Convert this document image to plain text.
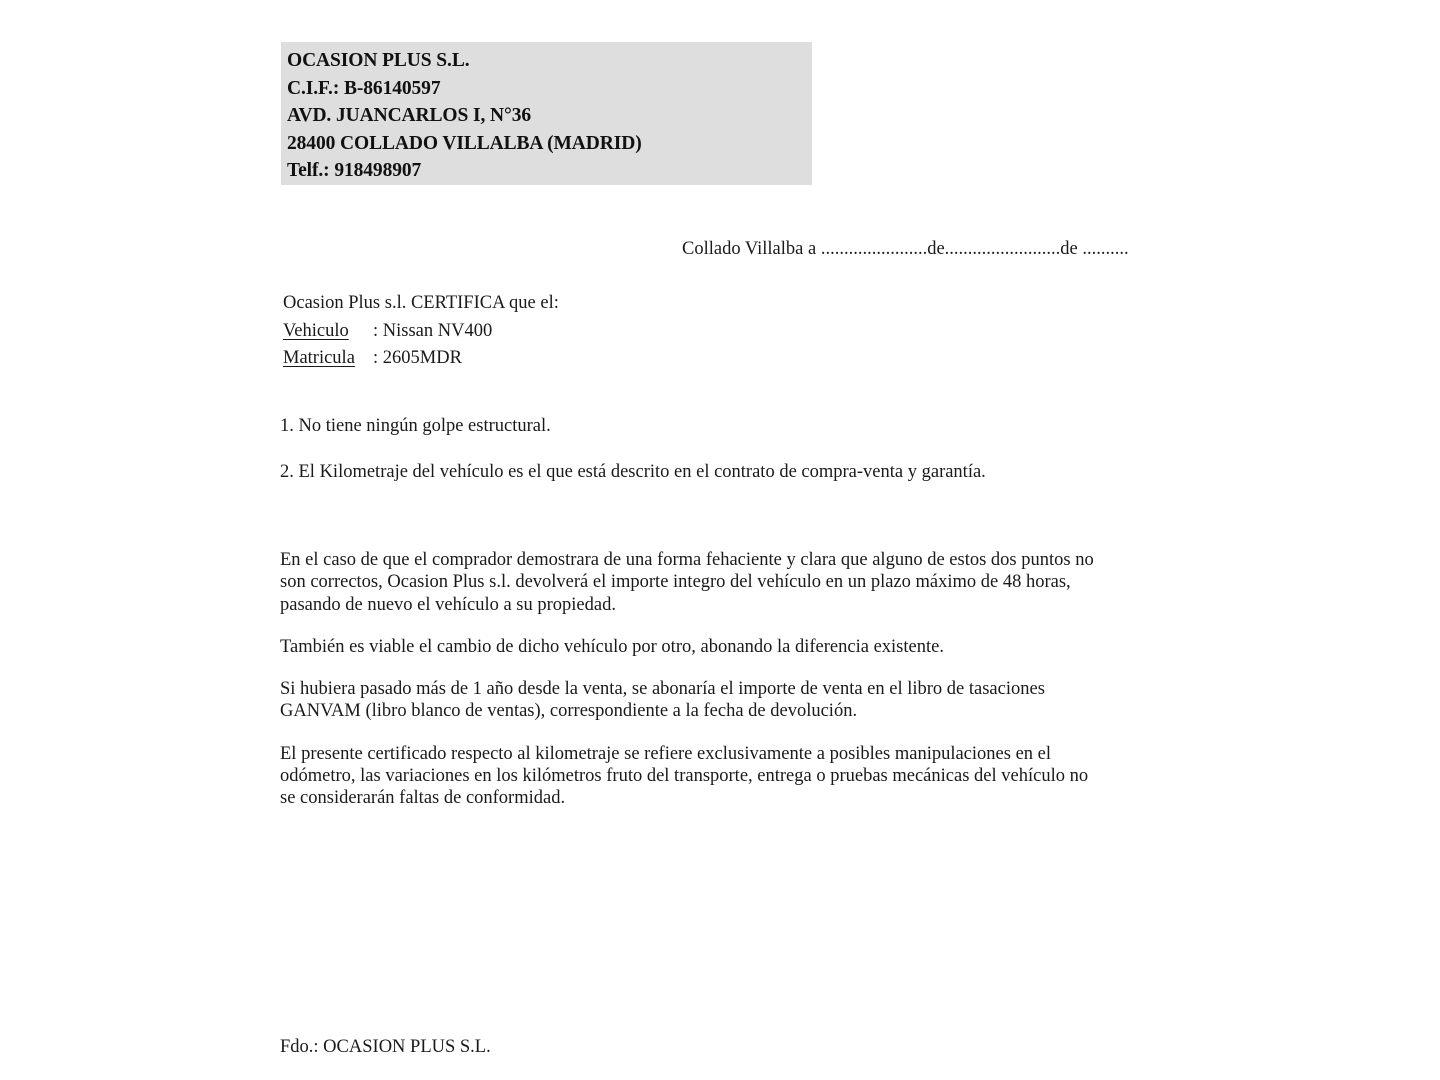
OCASION PLUS S.L.
C.I.F.: B-86140597
AVD. JUANCARLOS I, N°36
28400 COLLADO VILLALBA (MADRID)
Telf.: 918498907
Collado Villalba a .......................de.........................de ..........
Ocasion Plus s.l. CERTIFICA que el:
Vehiculo	: Nissan NV400
Matricula : 2605MDR
1. No tiene ningún golpe estructural.
2. El Kilometraje del vehículo es el que está descrito en el contrato de compra-venta y garantía.

En el caso de que el comprador demostrara de una forma fehaciente y clara que alguno de estos dos puntos no
son correctos, Ocasion Plus s.l. devolverá el importe integro del vehículo en un plazo máximo de 48 horas,
pasando de nuevo el vehículo a su propiedad.

También es viable el cambio de dicho vehículo por otro, abonando la diferencia existente.

Si hubiera pasado más de 1 año desde la venta, se abonaría el importe de venta en el libro de tasaciones
GANVAM (libro blanco de ventas), correspondiente a la fecha de devolución.

El presente certificado respecto al kilometraje se refiere exclusivamente a posibles manipulaciones en el
odómetro, las variaciones en los kilómetros fruto del transporte, entrega o pruebas mecánicas del vehículo no
se considerarán faltas de conformidad.

Fdo.: OCASION PLUS S.L.
